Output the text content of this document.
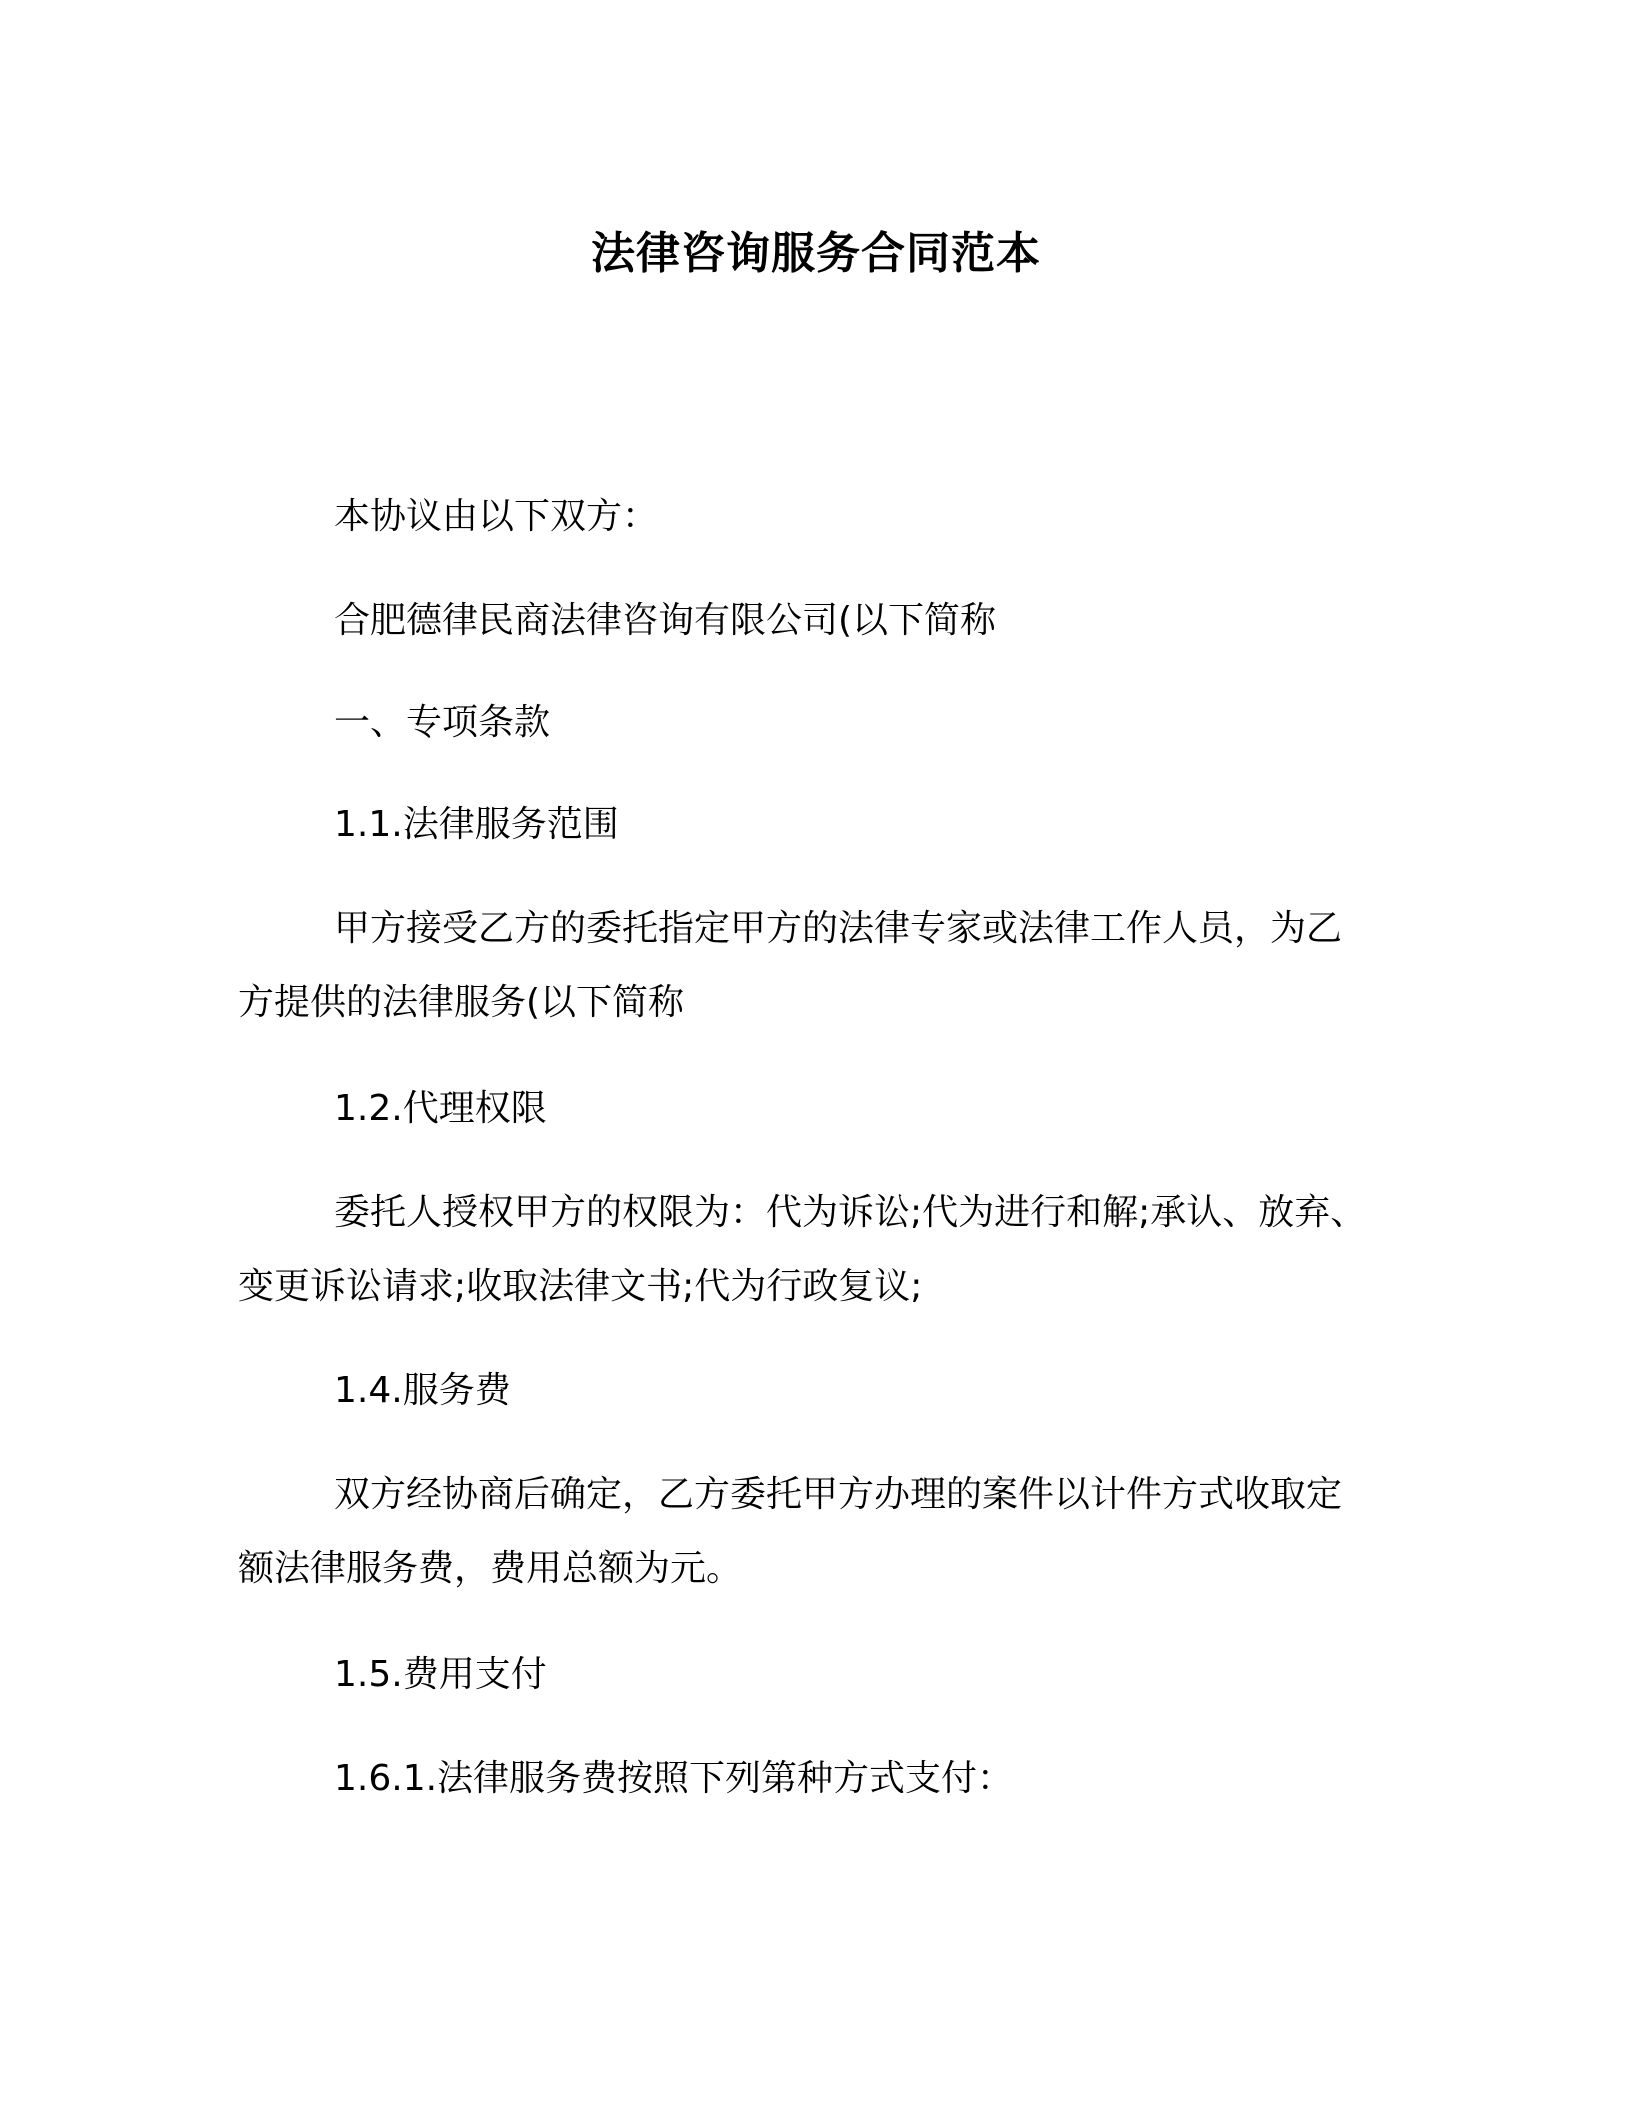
法律咨询服务合同范本
本协议由以下双方：
合肥德律民商法律咨询有限公司(以下简称
一、专项条款
1.1.法律服务范围
甲方接受乙方的委托指定甲方的法律专家或法律工作人员，为乙
方提供的法律服务(以下简称
1.2.代理权限
委托人授权甲方的权限为：代为诉讼;代为进行和解;承认、放弃、
变更诉讼请求;收取法律文书;代为行政复议;
1.4.服务费
双方经协商后确定，乙方委托甲方办理的案件以计件方式收取定
额法律服务费，费用总额为元。
1.5.费用支付
1.6.1.法律服务费按照下列第种方式支付：
